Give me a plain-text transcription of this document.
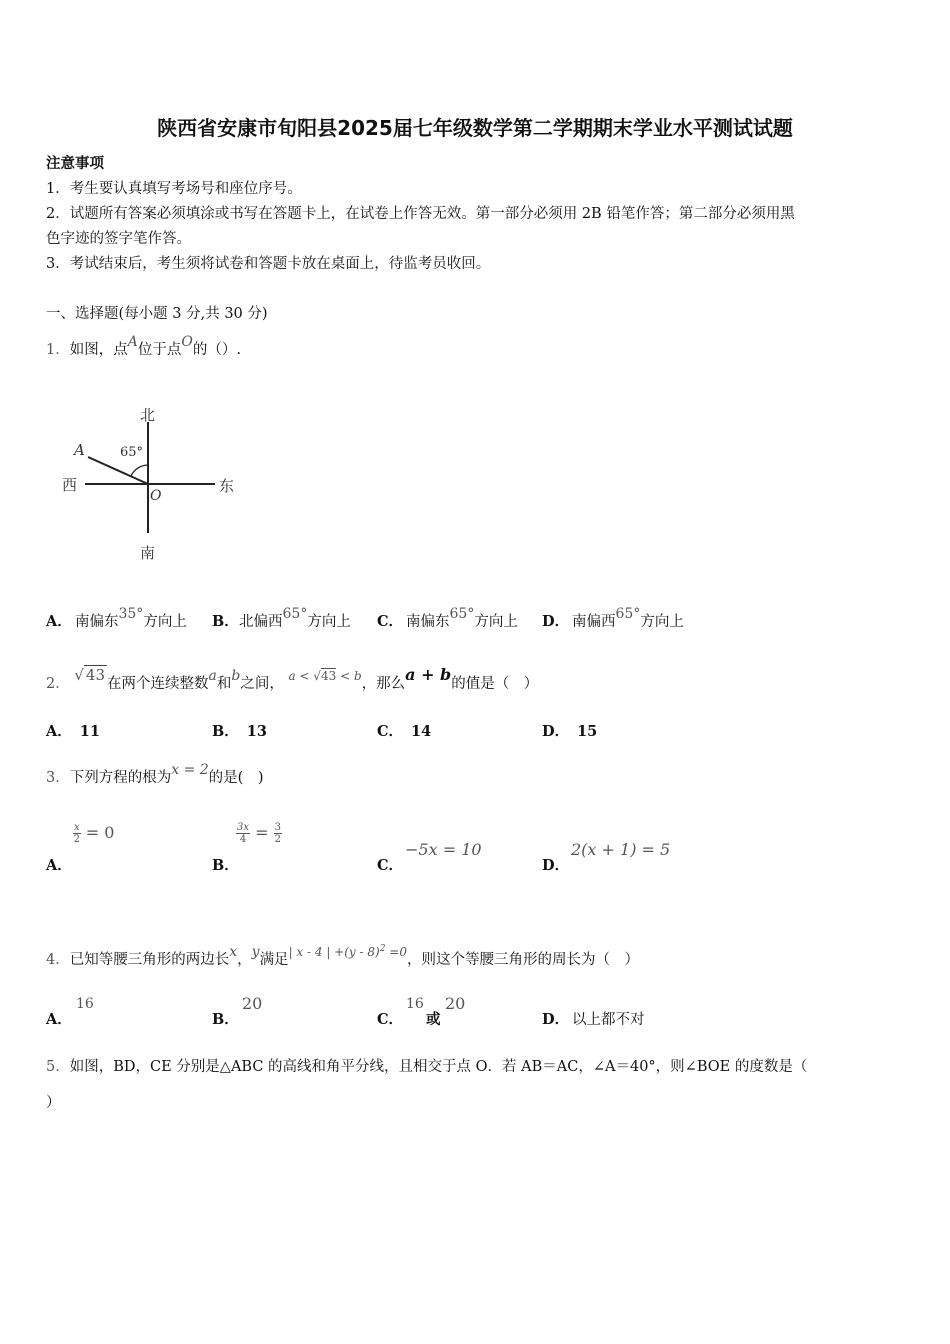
陕西省安康市旬阳县2025届七年级数学第二学期期末学业水平测试试题
注意事项
1．考生要认真填写考场号和座位序号。
2．试题所有答案必须填涂或书写在答题卡上，在试卷上作答无效。第一部分必须用 2B 铅笔作答；第二部分必须用黑
色字迹的签字笔作答。
3．考试结束后，考生须将试卷和答题卡放在桌面上，待监考员收回。
一、选择题(每小题 3 分,共 30 分)
1．如图，点A位于点O的（）.
北
南
西	东
A
O
65°
A． 南偏东35°方向上 B． 北偏西65°方向上 C． 南偏东65°方向上 D． 南偏西65°方向上
2． √ 43 在两个连续整数a和b之间， $^{a < √43 < b}$，那么a + b的值是（　）
A． 11	B． 13	C． 14	D． 15
3．下列方程的根为x = 2的是(　)
A．
$\frac{x}{2} = 0$
B．
$\frac{3x}{4} = \frac{3}{2}$
C．
−5x = 10
D．
2(x + 1) = 5
4．已知等腰三角形的两边长x，y满足$^{| x - 4 | +(y - 8)^2 =0}$，则这个等腰三角形的周长为（　）
A．
16
B．
20
C．
16
或
20
D． 以上都不对
5．如图，BD，CE 分别是△ABC 的高线和角平分线，且相交于点 O．若 AB＝AC，∠A＝40°，则∠BOE 的度数是（
）
